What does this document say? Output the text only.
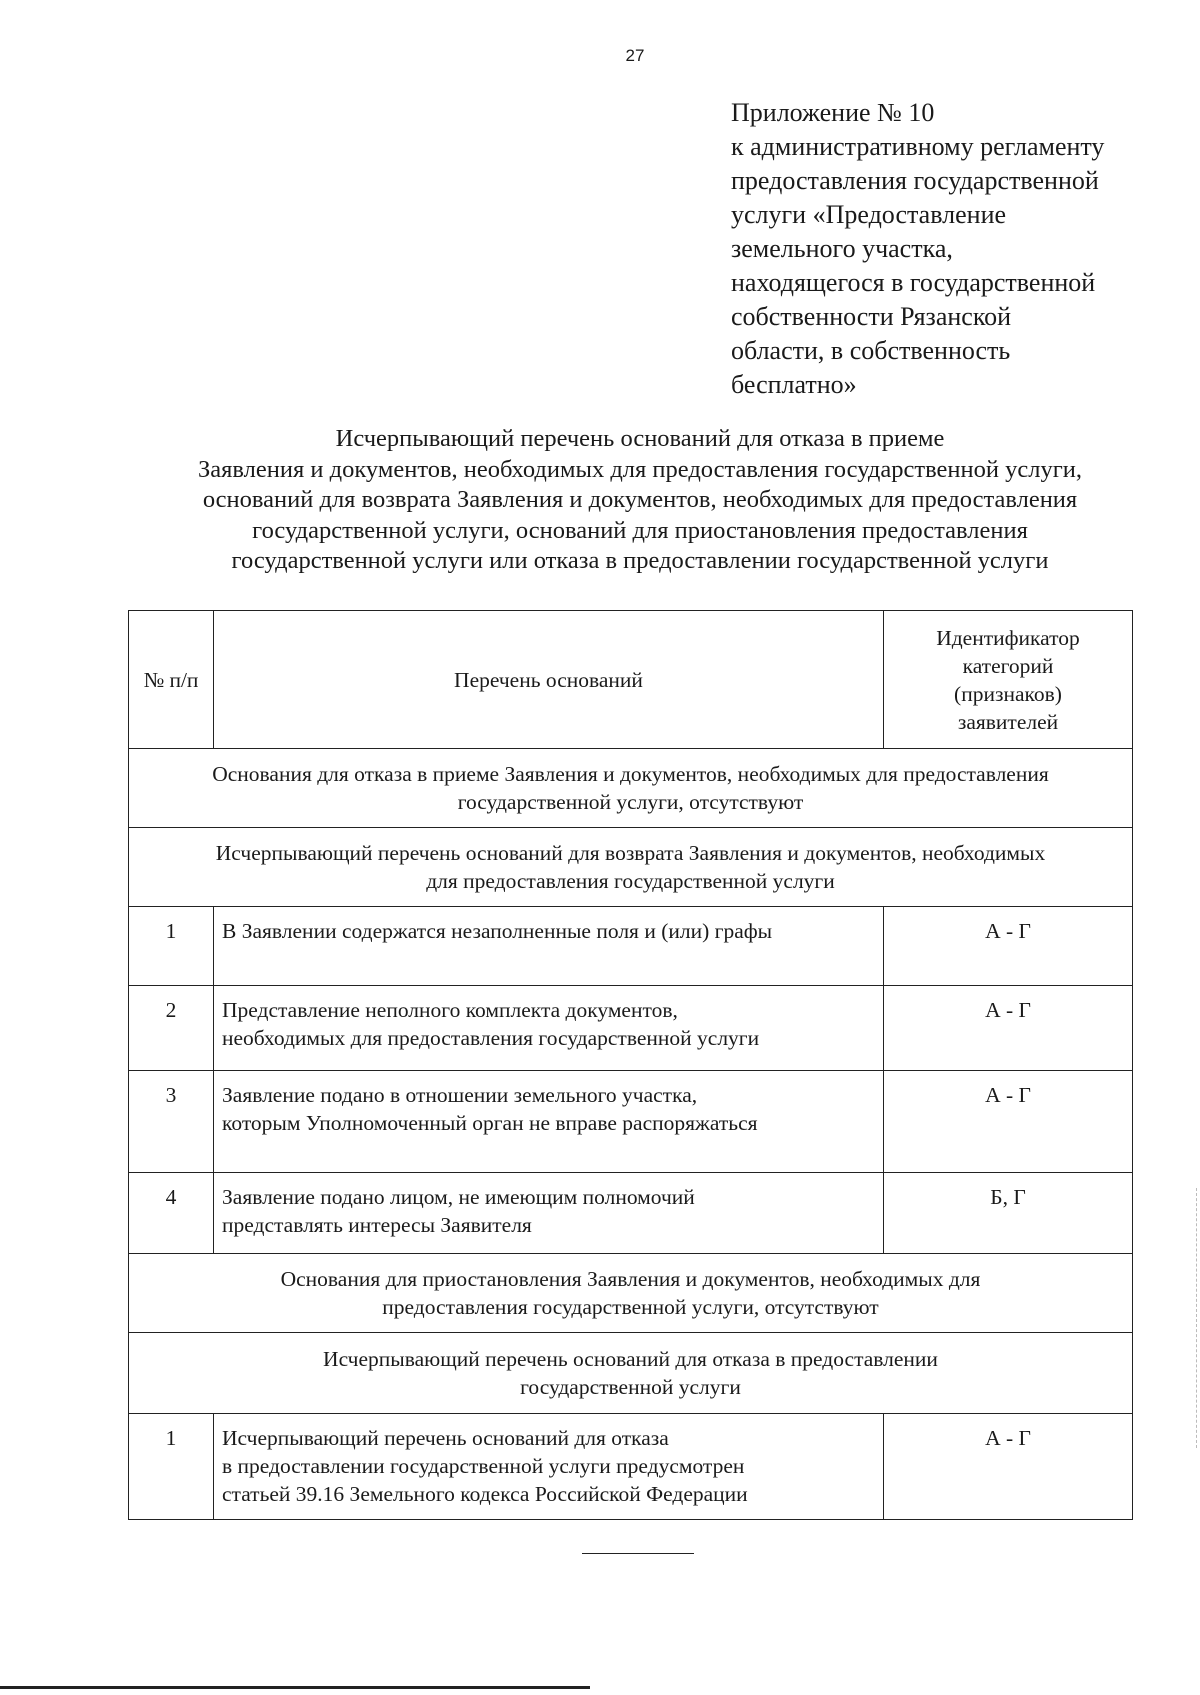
27
Приложение № 10
к административному регламенту
предоставления государственной
услуги «Предоставление
земельного участка,
находящегося в государственной
собственности Рязанской
области, в собственность
бесплатно»
Исчерпывающий перечень оснований для отказа в приеме
Заявления и документов, необходимых для предоставления государственной услуги,
оснований для возврата Заявления и документов, необходимых для предоставления
государственной услуги, оснований для приостановления предоставления
государственной услуги или отказа в предоставлении государственной услуги
№ п/п	Перечень оснований	Идентификатор
категорий
(признаков)
заявителей

Основания для отказа в приеме Заявления и документов, необходимых для предоставления
государственной услуги, отсутствуют		

Исчерпывающий перечень оснований для возврата Заявления и документов, необходимых
для предоставления государственной услуги		

1	В Заявлении содержатся незаполненные поля и (или) графы	А - Г
2	Представление неполного комплекта документов,
необходимых для предоставления государственной услуги	А - Г
3	Заявление подано в отношении земельного участка,
которым Уполномоченный орган не вправе распоряжаться	А - Г
4	Заявление подано лицом, не имеющим полномочий
представлять интересы Заявителя	Б, Г

Основания для приостановления Заявления и документов, необходимых для
предоставления государственной услуги, отсутствуют		

Исчерпывающий перечень оснований для отказа в предоставлении
государственной услуги		

1	Исчерпывающий перечень оснований для отказа
в предоставлении государственной услуги предусмотрен
статьей 39.16 Земельного кодекса Российской Федерации	А - Г
